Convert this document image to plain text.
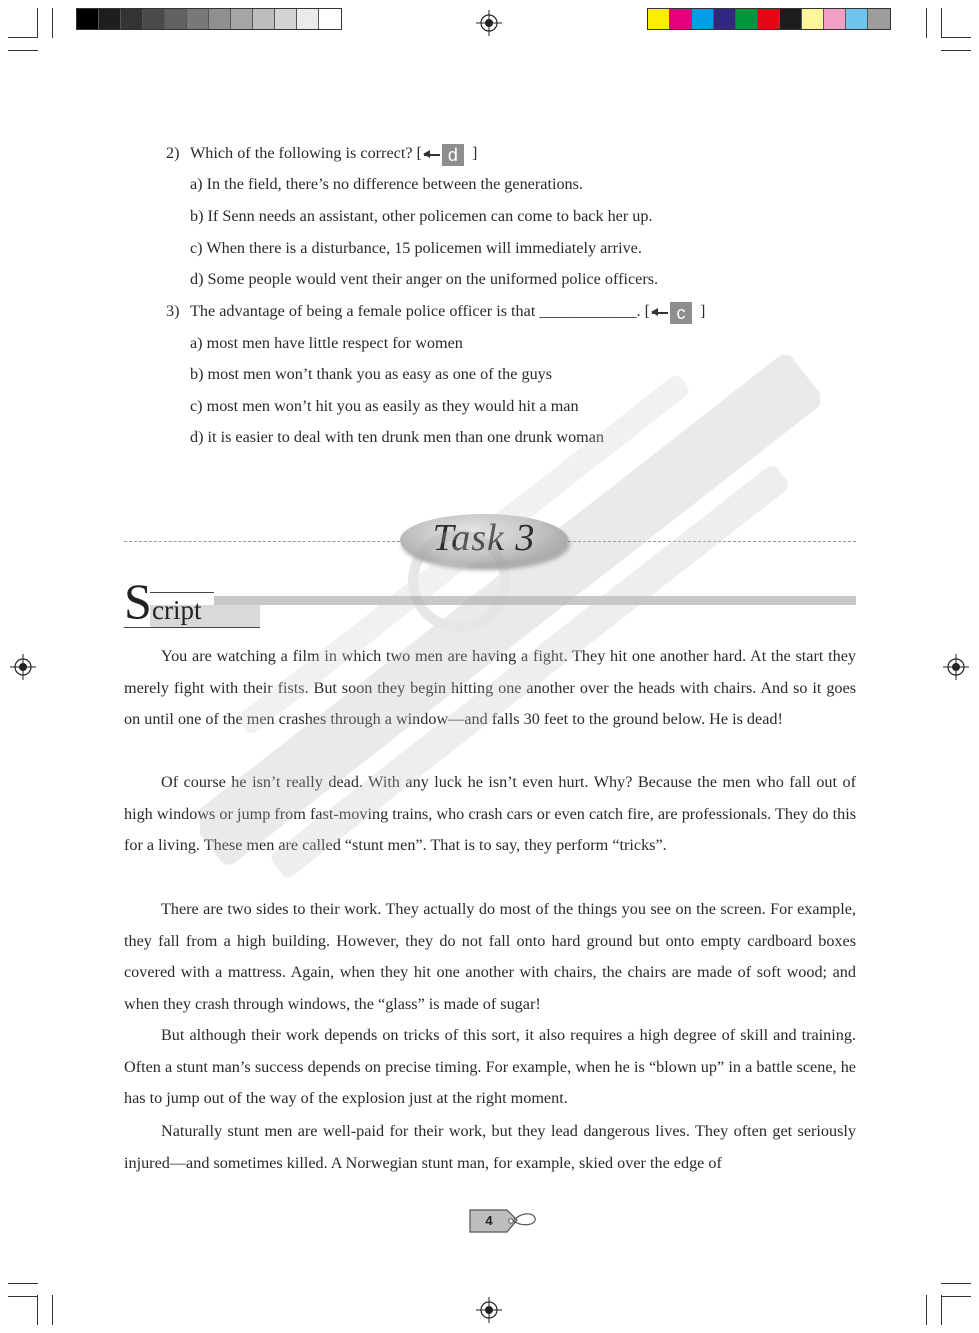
2) Which of the following is correct? [	d ]
a) In the field, there’s no difference between the generations.
b) If Senn needs an assistant, other policemen can come to back her up.
c) When there is a disturbance, 15 policemen will immediately arrive.
d) Some people would vent their anger on the uniformed police officers.
3) The advantage of being a female police officer is that ____________. [	c ]
a) most men have little respect for women
b) most men won’t thank you as easy as one of the guys
c) most men won’t hit you as easily as they would hit a man
d) it is easier to deal with ten drunk men than one drunk woman
Task 3
S cript

You are watching a film in which two men are having a fight. They hit one another hard. At the start they merely fight with their fists. But soon they begin hitting one another over the heads with chairs. And so it goes on until one of the men crashes through a window—and falls 30 feet to the ground below. He is dead!

Of course he isn’t really dead. With any luck he isn’t even hurt. Why? Because the men who fall out of high windows or jump from fast-moving trains, who crash cars or even catch fire, are professionals. They do this for a living. These men are called “stunt men”. That is to say, they perform “tricks”.

There are two sides to their work. They actually do most of the things you see on the screen. For example, they fall from a high building. However, they do not fall onto hard ground but onto empty cardboard boxes covered with a mattress. Again, when they hit one another with chairs, the chairs are made of soft wood; and when they crash through windows, the “glass” is made of sugar!

But although their work depends on tricks of this sort, it also requires a high degree of skill and training. Often a stunt man’s success depends on precise timing. For example, when he is “blown up” in a battle scene, he has to jump out of the way of the explosion just at the right moment.

Naturally stunt men are well-paid for their work, but they lead dangerous lives. They often get seriously injured—and sometimes killed. A Norwegian stunt man, for example, skied over the edge of

4
